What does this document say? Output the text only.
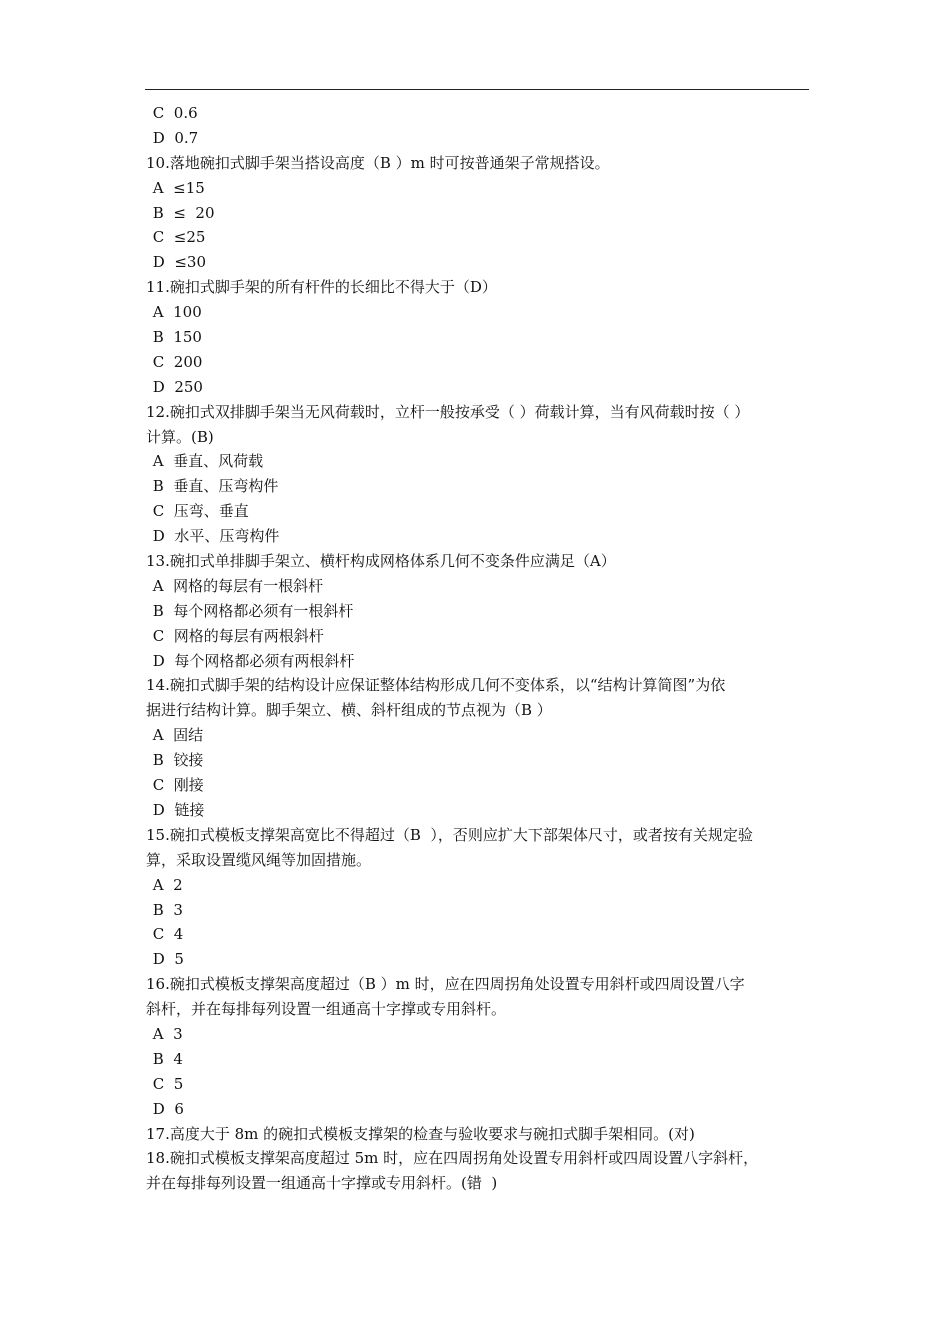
C  0.6
D  0.7
10.落地碗扣式脚手架当搭设高度（B ）m 时可按普通架子常规搭设。
A  ≤15
B  ≤  20
C  ≤25
D  ≤30
11.碗扣式脚手架的所有杆件的长细比不得大于（D）
A  100
B  150
C  200
D  250
12.碗扣式双排脚手架当无风荷载时，立杆一般按承受（ ）荷载计算，当有风荷载时按（ ）
计算。(B)
A  垂直、风荷载
B  垂直、压弯构件
C  压弯、垂直
D  水平、压弯构件
13.碗扣式单排脚手架立、横杆构成网格体系几何不变条件应满足（A）
A  网格的每层有一根斜杆
B  每个网格都必须有一根斜杆
C  网格的每层有两根斜杆
D  每个网格都必须有两根斜杆
14.碗扣式脚手架的结构设计应保证整体结构形成几何不变体系，以“结构计算简图”为依
据进行结构计算。脚手架立、横、斜杆组成的节点视为（B ）
A  固结
B  铰接
C  刚接
D  链接
15.碗扣式模板支撑架高宽比不得超过（B  ），否则应扩大下部架体尺寸，或者按有关规定验
算，采取设置缆风绳等加固措施。
A  2
B  3
C  4
D  5
16.碗扣式模板支撑架高度超过（B ）m 时，应在四周拐角处设置专用斜杆或四周设置八字
斜杆，并在每排每列设置一组通高十字撑或专用斜杆。
A  3
B  4
C  5
D  6
17.高度大于 8m 的碗扣式模板支撑架的检查与验收要求与碗扣式脚手架相同。(对)
18.碗扣式模板支撑架高度超过 5m 时，应在四周拐角处设置专用斜杆或四周设置八字斜杆，
并在每排每列设置一组通高十字撑或专用斜杆。(错  )
